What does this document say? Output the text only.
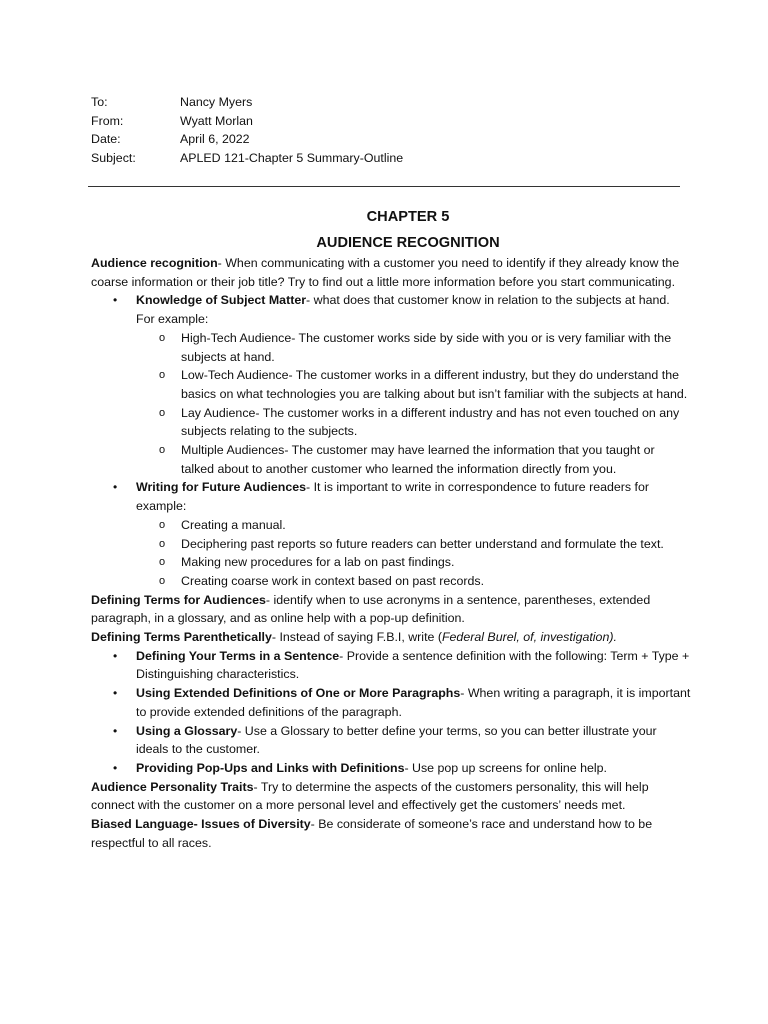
To:	Nancy Myers
From:	Wyatt Morlan
Date:	April 6, 2022
Subject:	APLED 121-Chapter 5 Summary-Outline
CHAPTER 5
AUDIENCE RECOGNITION

Audience recognition- When communicating with a customer you need to identify if they already know the coarse information or their job title? Try to find out a little more information before you start communicating.

• Knowledge of Subject Matter- what does that customer know in relation to the subjects at hand. For example:

o High-Tech Audience- The customer works side by side with you or is very familiar with the subjects at hand.

o Low-Tech Audience- The customer works in a different industry, but they do understand the basics on what technologies you are talking about but isn’t familiar with the subjects at hand.

o Lay Audience- The customer works in a different industry and has not even touched on any subjects relating to the subjects.

o Multiple Audiences- The customer may have learned the information that you taught or talked about to another customer who learned the information directly from you.

• Writing for Future Audiences- It is important to write in correspondence to future readers for example:

o Creating a manual.

o Deciphering past reports so future readers can better understand and formulate the text.

o Making new procedures for a lab on past findings.

o Creating coarse work in context based on past records.

Defining Terms for Audiences- identify when to use acronyms in a sentence, parentheses, extended paragraph, in a glossary, and as online help with a pop-up definition.

Defining Terms Parenthetically- Instead of saying F.B.I, write (Federal Burel, of, investigation).

• Defining Your Terms in a Sentence- Provide a sentence definition with the following: Term + Type + Distinguishing characteristics.

• Using Extended Definitions of One or More Paragraphs- When writing a paragraph, it is important to provide extended definitions of the paragraph.

• Using a Glossary- Use a Glossary to better define your terms, so you can better illustrate your ideals to the customer.

• Providing Pop-Ups and Links with Definitions- Use pop up screens for online help.

Audience Personality Traits- Try to determine the aspects of the customers personality, this will help connect with the customer on a more personal level and effectively get the customers’ needs met.

Biased Language- Issues of Diversity- Be considerate of someone’s race and understand how to be respectful to all races.
